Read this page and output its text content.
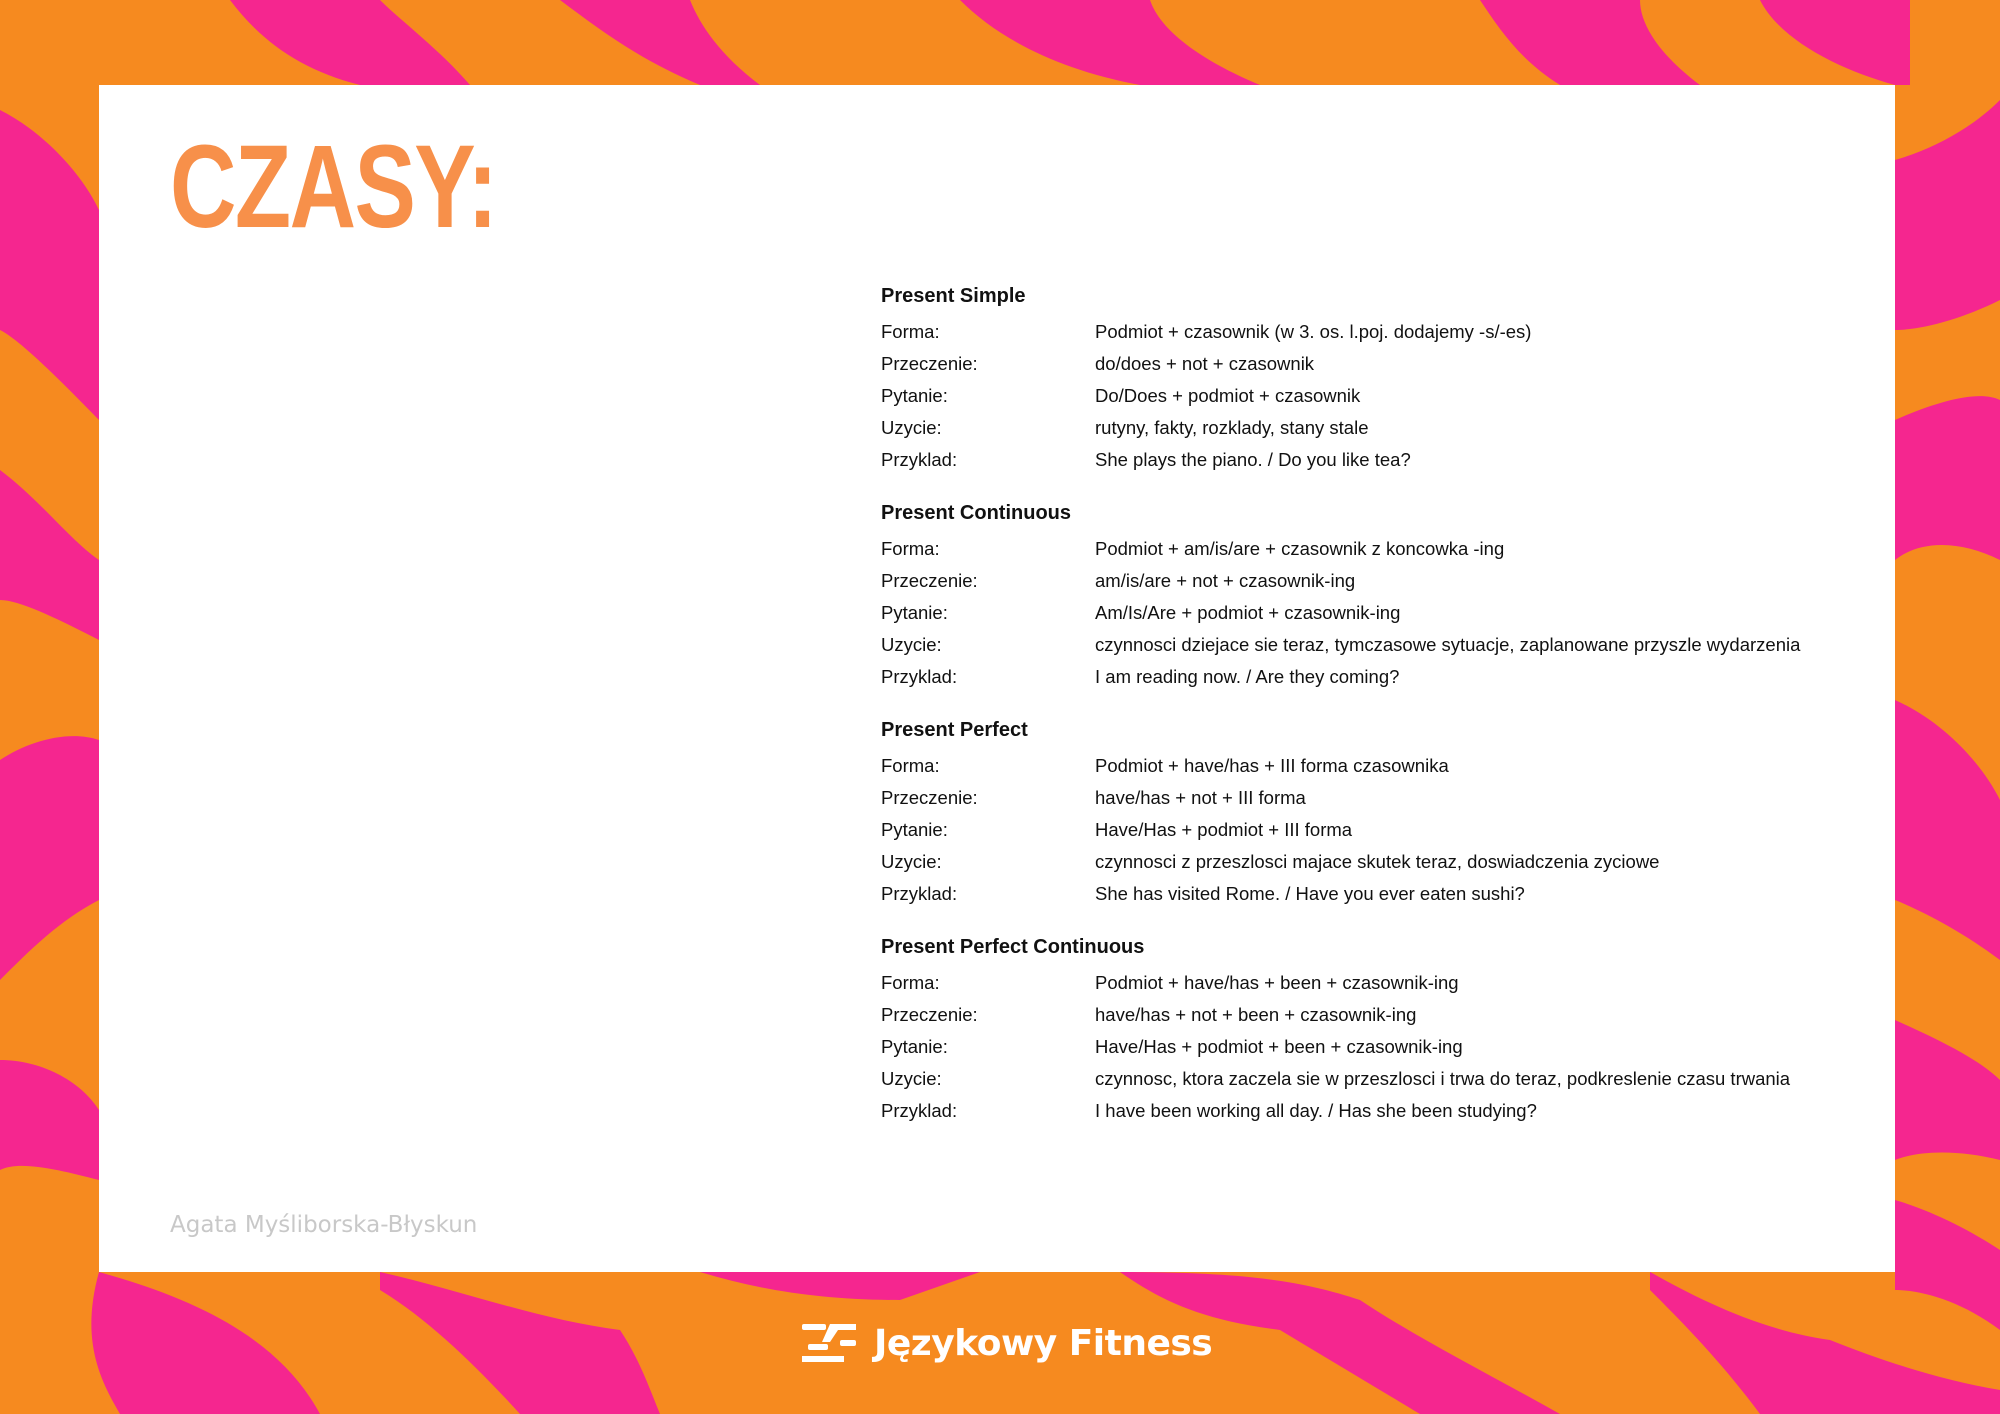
CZASY:
Present Simple
Forma:	Podmiot + czasownik (w 3. os. l.poj. dodajemy -s/-es)
Przeczenie:	do/does + not + czasownik
Pytanie:	Do/Does + podmiot + czasownik
Uzycie:	rutyny, fakty, rozklady, stany stale
Przyklad:	She plays the piano. / Do you like tea?
Present Continuous
Forma:	Podmiot + am/is/are + czasownik z koncowka -ing
Przeczenie:	am/is/are + not + czasownik-ing
Pytanie:	Am/Is/Are + podmiot + czasownik-ing
Uzycie:	czynnosci dziejace sie teraz, tymczasowe sytuacje, zaplanowane przyszle wydarzenia
Przyklad:	I am reading now. / Are they coming?
Present Perfect
Forma:	Podmiot + have/has + III forma czasownika
Przeczenie:	have/has + not + III forma
Pytanie:	Have/Has + podmiot + III forma
Uzycie:	czynnosci z przeszlosci majace skutek teraz, doswiadczenia zyciowe
Przyklad:	She has visited Rome. / Have you ever eaten sushi?
Present Perfect Continuous
Forma:	Podmiot + have/has + been + czasownik-ing
Przeczenie:	have/has + not + been + czasownik-ing
Pytanie:	Have/Has + podmiot + been + czasownik-ing
Uzycie:	czynnosc, ktora zaczela sie w przeszlosci i trwa do teraz, podkreslenie czasu trwania
Przyklad:	I have been working all day. / Has she been studying?
Agata Myśliborska-Błyskun
Językowy Fitness
